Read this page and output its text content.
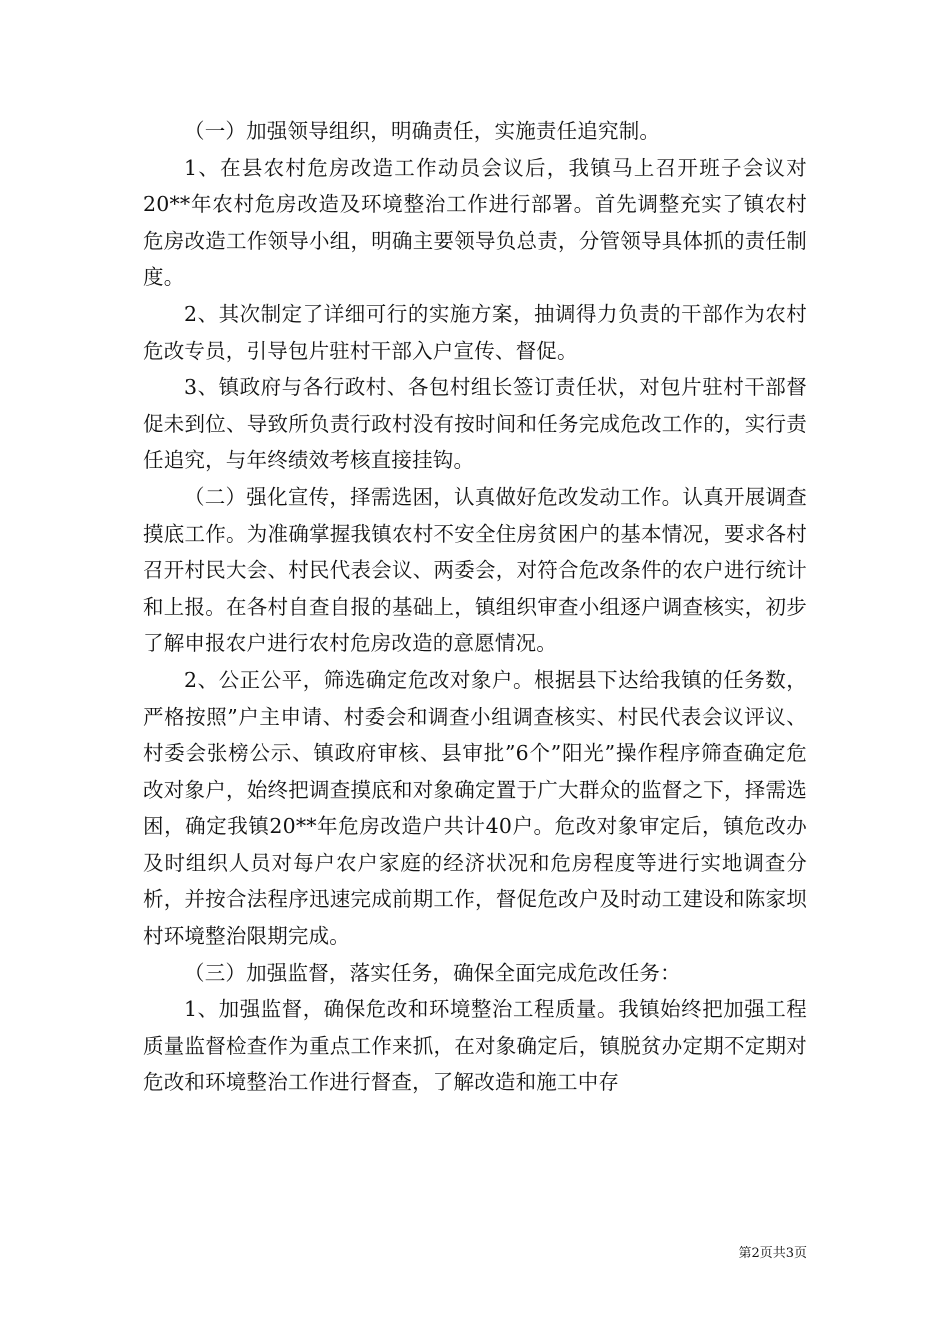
（一）加强领导组织，明确责任，实施责任追究制。

1、在县农村危房改造工作动员会议后，我镇马上召开班子会议对20**年农村危房改造及环境整治工作进行部署。首先调整充实了镇农村危房改造工作领导小组，明确主要领导负总责，分管领导具体抓的责任制度。

2、其次制定了详细可行的实施方案，抽调得力负责的干部作为农村危改专员，引导包片驻村干部入户宣传、督促。

3、镇政府与各行政村、各包村组长签订责任状，对包片驻村干部督促未到位、导致所负责行政村没有按时间和任务完成危改工作的，实行责任追究，与年终绩效考核直接挂钩。

（二）强化宣传，择需选困，认真做好危改发动工作。认真开展调查摸底工作。为准确掌握我镇农村不安全住房贫困户的基本情况，要求各村召开村民大会、村民代表会议、两委会，对符合危改条件的农户进行统计和上报。在各村自查自报的基础上，镇组织审查小组逐户调查核实，初步了解申报农户进行农村危房改造的意愿情况。

2、公正公平，筛选确定危改对象户。根据县下达给我镇的任务数，严格按照”户主申请、村委会和调查小组调查核实、村民代表会议评议、村委会张榜公示、镇政府审核、县审批”6个”阳光”操作程序筛查确定危改对象户，始终把调查摸底和对象确定置于广大群众的监督之下，择需选困，确定我镇20**年危房改造户共计40户。危改对象审定后，镇危改办及时组织人员对每户农户家庭的经济状况和危房程度等进行实地调查分析，并按合法程序迅速完成前期工作，督促危改户及时动工建设和陈家坝村环境整治限期完成。

（三）加强监督，落实任务，确保全面完成危改任务：

1、加强监督，确保危改和环境整治工程质量。我镇始终把加强工程质量监督检查作为重点工作来抓，在对象确定后，镇脱贫办定期不定期对危改和环境整治工作进行督查，了解改造和施工中存

第2页共3页
